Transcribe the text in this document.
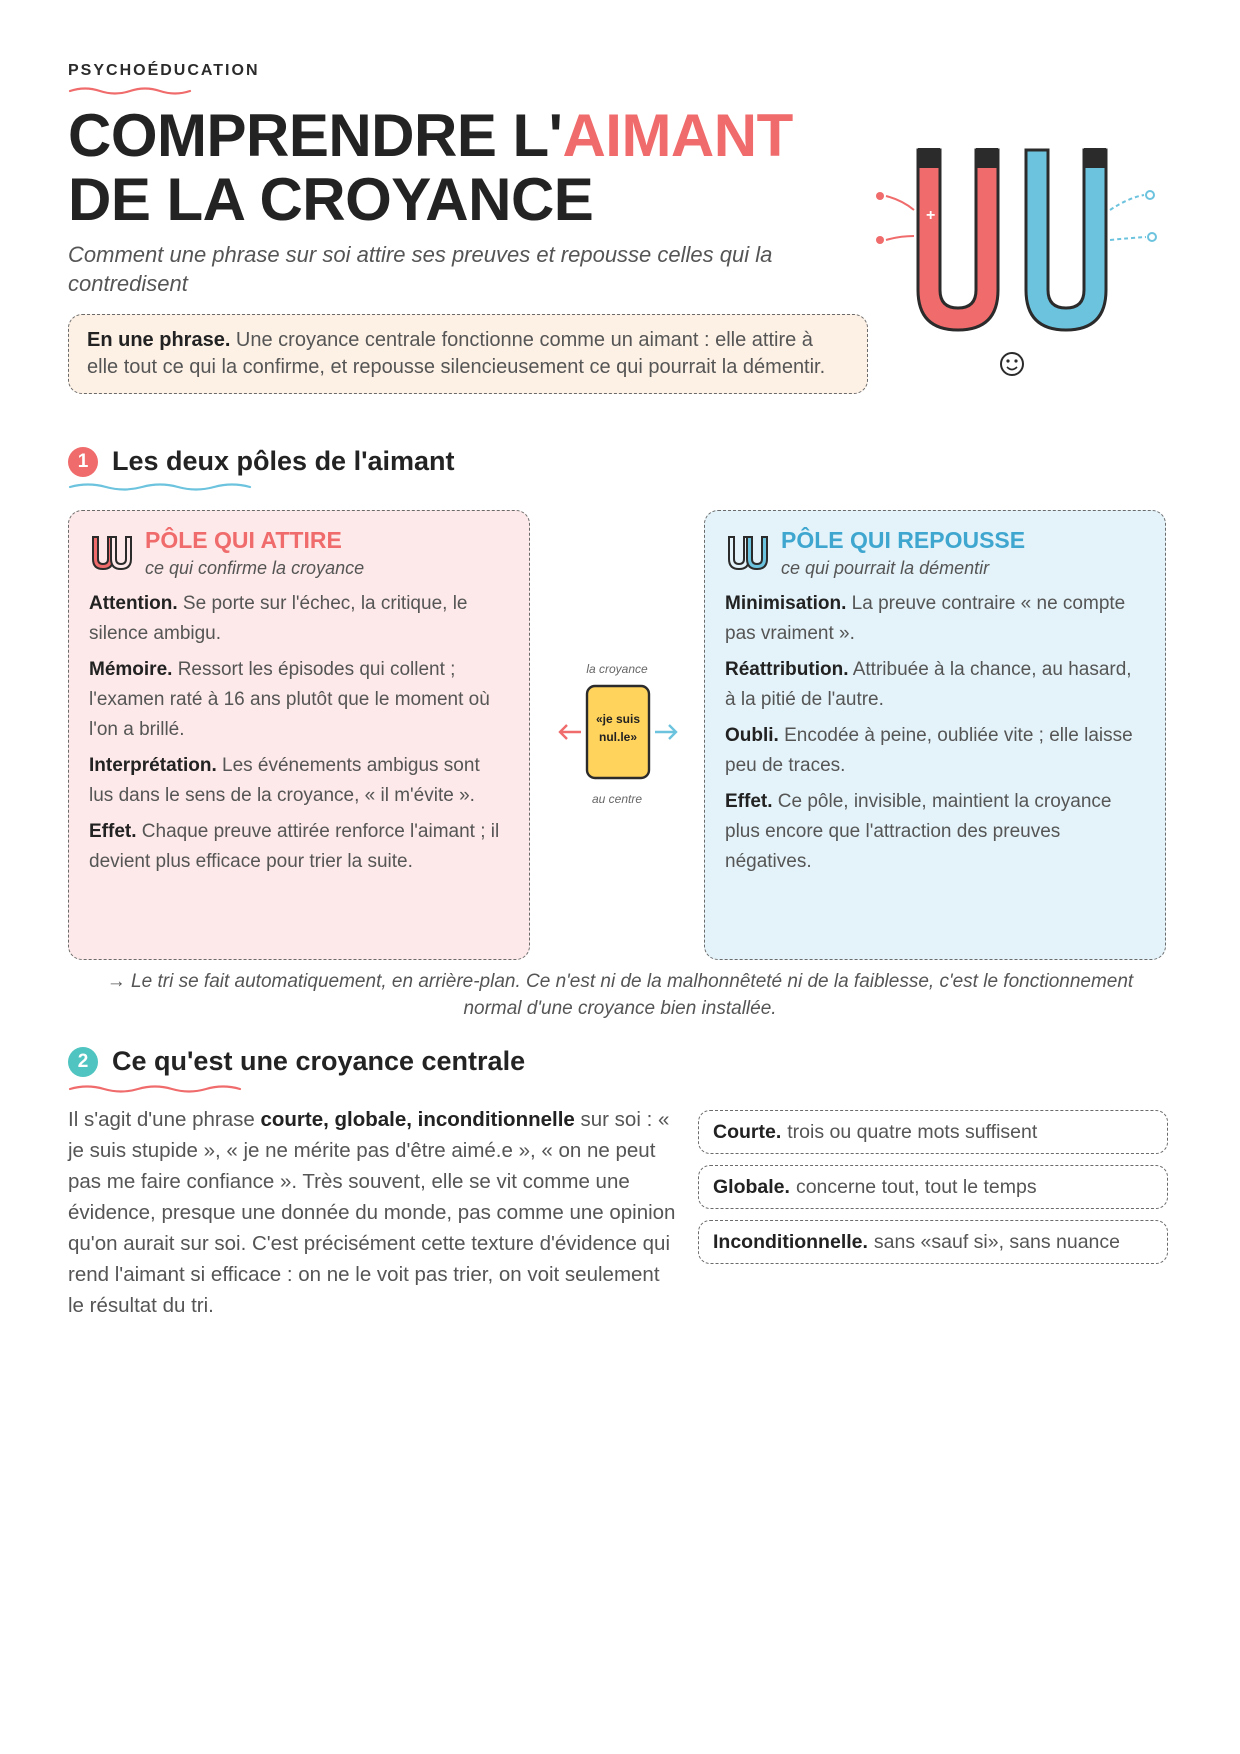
PSYCHOÉDUCATION
COMPRENDRE L'AIMANT
DE LA CROYANCE
Comment une phrase sur soi attire ses preuves et repousse celles qui la contredisent
En une phrase. Une croyance centrale fonctionne comme un aimant : elle attire à elle tout ce qui la confirme, et repousse silencieusement ce qui pourrait la démentir.
+
1 Les deux pôles de l'aimant
PÔLE QUI ATTIRE
ce qui confirme la croyance
Attention. Se porte sur l'échec, la critique, le silence ambigu.
Mémoire. Ressort les épisodes qui collent ; l'examen raté à 16 ans plutôt que le moment où l'on a brillé.
Interprétation. Les événements ambigus sont lus dans le sens de la croyance, « il m'évite ».
Effet. Chaque preuve attirée renforce l'aimant ; il devient plus efficace pour trier la suite.
la croyance
«je suis nul.le»
au centre
PÔLE QUI REPOUSSE
ce qui pourrait la démentir
Minimisation. La preuve contraire « ne compte pas vraiment ».
Réattribution. Attribuée à la chance, au hasard, à la pitié de l'autre.
Oubli. Encodée à peine, oubliée vite ; elle laisse peu de traces.
Effet. Ce pôle, invisible, maintient la croyance plus encore que l'attraction des preuves négatives.
→ Le tri se fait automatiquement, en arrière-plan. Ce n'est ni de la malhonnêteté ni de la faiblesse, c'est le fonctionnement normal d'une croyance bien installée.
2 Ce qu'est une croyance centrale
Il s'agit d'une phrase courte, globale, inconditionnelle sur soi : « je suis stupide », « je ne mérite pas d'être aimé.e », « on ne peut pas me faire confiance ». Très souvent, elle se vit comme une évidence, presque une donnée du monde, pas comme une opinion qu'on aurait sur soi. C'est précisément cette texture d'évidence qui rend l'aimant si efficace : on ne le voit pas trier, on voit seulement le résultat du tri.
Courte. trois ou quatre mots suffisent
Globale. concerne tout, tout le temps
Inconditionnelle. sans «sauf si», sans nuance
